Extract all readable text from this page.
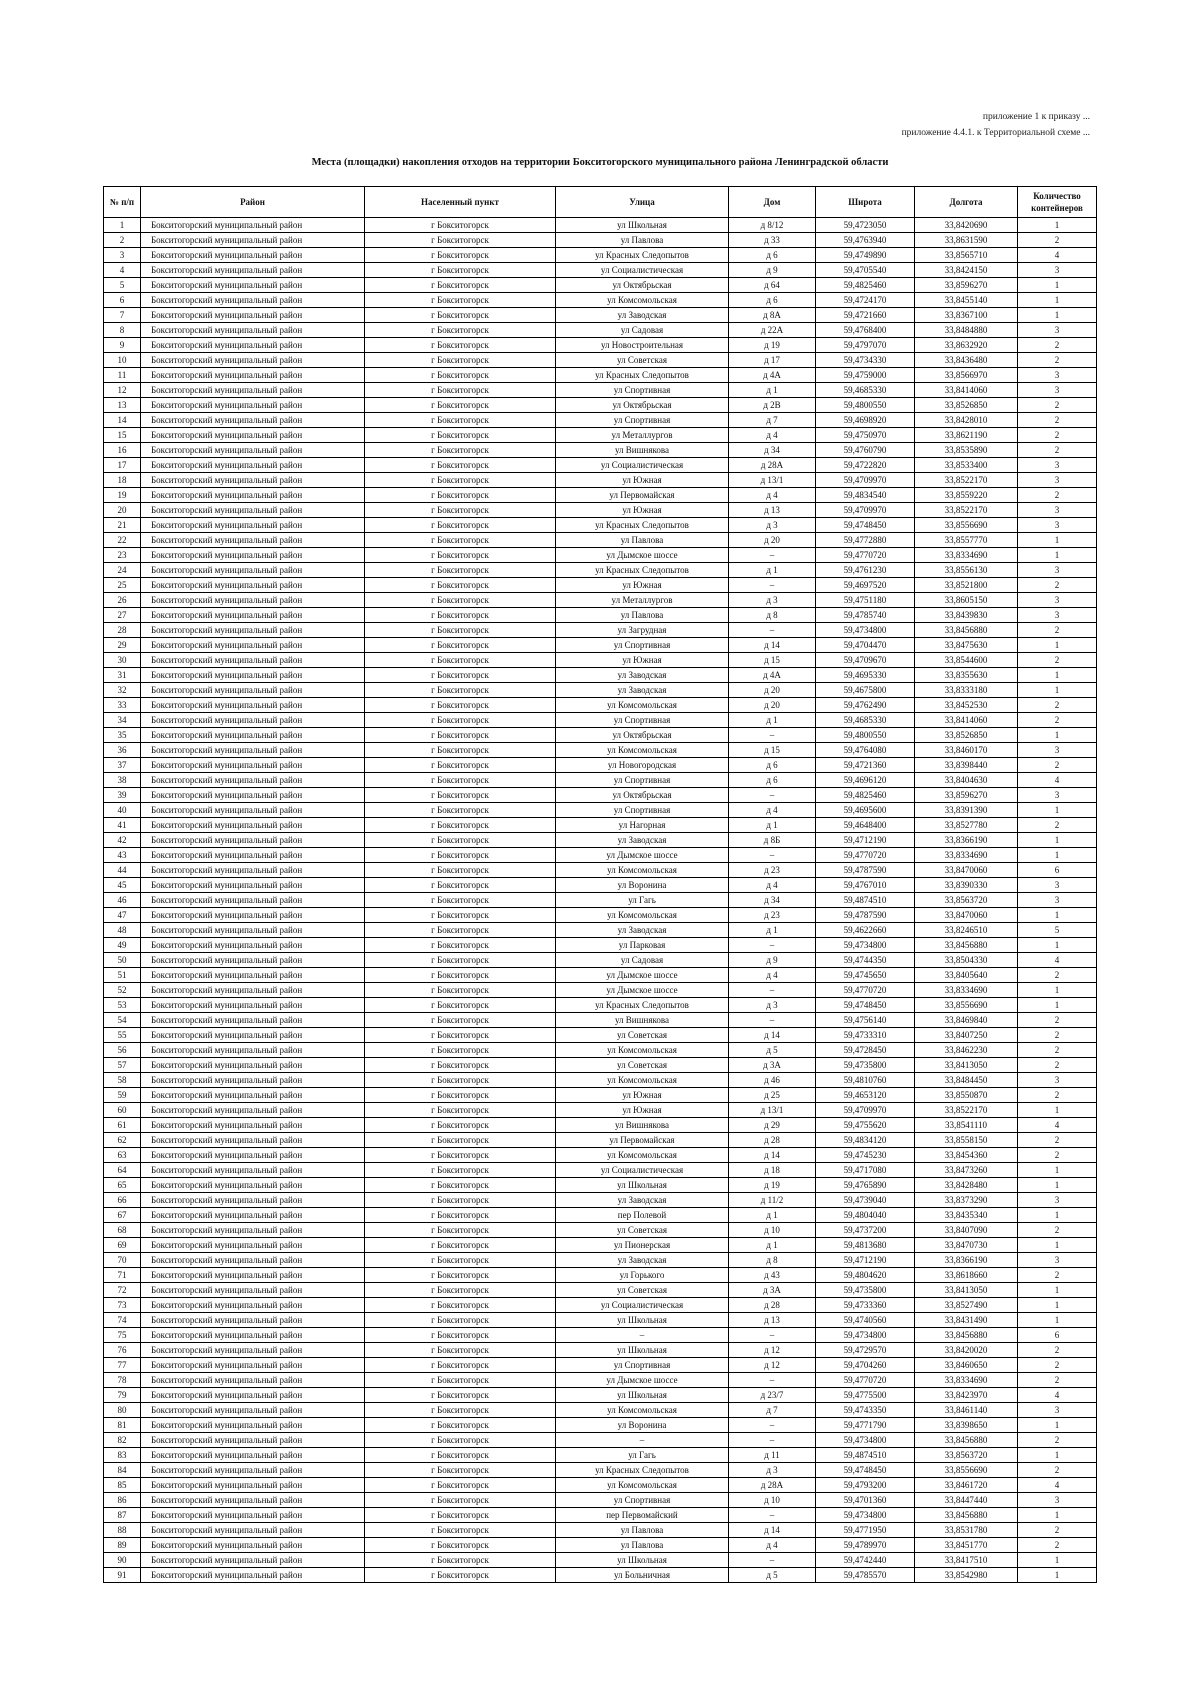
приложение 1 к приказу ...
приложение 4.4.1. к Территориальной схеме ...
Места (площадки) накопления отходов на территории Бокситогорского муниципального района Ленинградской области
№ п/п	Район	Населенный пункт	Улица	Дом	Широта	Долгота	Количество контейнеров
1	Бокситогорский муниципальный район	г Бокситогорск	ул Школьная	д 8/12	59,4723050	33,8420690	1
2	Бокситогорский муниципальный район	г Бокситогорск	ул Павлова	д 33	59,4763940	33,8631590	2
3	Бокситогорский муниципальный район	г Бокситогорск	ул Красных Следопытов	д 6	59,4749890	33,8565710	4
4	Бокситогорский муниципальный район	г Бокситогорск	ул Социалистическая	д 9	59,4705540	33,8424150	3
5	Бокситогорский муниципальный район	г Бокситогорск	ул Октябрьская	д 64	59,4825460	33,8596270	1
6	Бокситогорский муниципальный район	г Бокситогорск	ул Комсомольская	д 6	59,4724170	33,8455140	1
7	Бокситогорский муниципальный район	г Бокситогорск	ул Заводская	д 8А	59,4721660	33,8367100	1
8	Бокситогорский муниципальный район	г Бокситогорск	ул Садовая	д 22А	59,4768400	33,8484880	3
9	Бокситогорский муниципальный район	г Бокситогорск	ул Новостроительная	д 19	59,4797070	33,8632920	2
10	Бокситогорский муниципальный район	г Бокситогорск	ул Советская	д 17	59,4734330	33,8436480	2
11	Бокситогорский муниципальный район	г Бокситогорск	ул Красных Следопытов	д 4А	59,4759000	33,8566970	3
12	Бокситогорский муниципальный район	г Бокситогорск	ул Спортивная	д 1	59,4685330	33,8414060	3
13	Бокситогорский муниципальный район	г Бокситогорск	ул Октябрьская	д 2В	59,4800550	33,8526850	2
14	Бокситогорский муниципальный район	г Бокситогорск	ул Спортивная	д 7	59,4698920	33,8428010	2
15	Бокситогорский муниципальный район	г Бокситогорск	ул Металлургов	д 4	59,4750970	33,8621190	2
16	Бокситогорский муниципальный район	г Бокситогорск	ул Вишнякова	д 34	59,4760790	33,8535890	2
17	Бокситогорский муниципальный район	г Бокситогорск	ул Социалистическая	д 28А	59,4722820	33,8533400	3
18	Бокситогорский муниципальный район	г Бокситогорск	ул Южная	д 13/1	59,4709970	33,8522170	3
19	Бокситогорский муниципальный район	г Бокситогорск	ул Первомайская	д 4	59,4834540	33,8559220	2
20	Бокситогорский муниципальный район	г Бокситогорск	ул Южная	д 13	59,4709970	33,8522170	3
21	Бокситогорский муниципальный район	г Бокситогорск	ул Красных Следопытов	д 3	59,4748450	33,8556690	3
22	Бокситогорский муниципальный район	г Бокситогорск	ул Павлова	д 20	59,4772880	33,8557770	1
23	Бокситогорский муниципальный район	г Бокситогорск	ул Дымское шоссе	–	59,4770720	33,8334690	1
24	Бокситогорский муниципальный район	г Бокситогорск	ул Красных Следопытов	д 1	59,4761230	33,8556130	3
25	Бокситогорский муниципальный район	г Бокситогорск	ул Южная	–	59,4697520	33,8521800	2
26	Бокситогорский муниципальный район	г Бокситогорск	ул Металлургов	д 3	59,4751180	33,8605150	3
27	Бокситогорский муниципальный район	г Бокситогорск	ул Павлова	д 8	59,4785740	33,8439830	3
28	Бокситогорский муниципальный район	г Бокситогорск	ул Загрудная	–	59,4734800	33,8456880	2
29	Бокситогорский муниципальный район	г Бокситогорск	ул Спортивная	д 14	59,4704470	33,8475630	1
30	Бокситогорский муниципальный район	г Бокситогорск	ул Южная	д 15	59,4709670	33,8544600	2
31	Бокситогорский муниципальный район	г Бокситогорск	ул Заводская	д 4А	59,4695330	33,8355630	1
32	Бокситогорский муниципальный район	г Бокситогорск	ул Заводская	д 20	59,4675800	33,8333180	1
33	Бокситогорский муниципальный район	г Бокситогорск	ул Комсомольская	д 20	59,4762490	33,8452530	2
34	Бокситогорский муниципальный район	г Бокситогорск	ул Спортивная	д 1	59,4685330	33,8414060	2
35	Бокситогорский муниципальный район	г Бокситогорск	ул Октябрьская	–	59,4800550	33,8526850	1
36	Бокситогорский муниципальный район	г Бокситогорск	ул Комсомольская	д 15	59,4764080	33,8460170	3
37	Бокситогорский муниципальный район	г Бокситогорск	ул Новогородская	д 6	59,4721360	33,8398440	2
38	Бокситогорский муниципальный район	г Бокситогорск	ул Спортивная	д 6	59,4696120	33,8404630	4
39	Бокситогорский муниципальный район	г Бокситогорск	ул Октябрьская	–	59,4825460	33,8596270	3
40	Бокситогорский муниципальный район	г Бокситогорск	ул Спортивная	д 4	59,4695600	33,8391390	1
41	Бокситогорский муниципальный район	г Бокситогорск	ул Нагорная	д 1	59,4648400	33,8527780	2
42	Бокситогорский муниципальный район	г Бокситогорск	ул Заводская	д 8Б	59,4712190	33,8366190	1
43	Бокситогорский муниципальный район	г Бокситогорск	ул Дымское шоссе	–	59,4770720	33,8334690	1
44	Бокситогорский муниципальный район	г Бокситогорск	ул Комсомольская	д 23	59,4787590	33,8470060	6
45	Бокситогорский муниципальный район	г Бокситогорск	ул Воронина	д 4	59,4767010	33,8390330	3
46	Бокситогорский муниципальный район	г Бокситогорск	ул Гагь	д 34	59,4874510	33,8563720	3
47	Бокситогорский муниципальный район	г Бокситогорск	ул Комсомольская	д 23	59,4787590	33,8470060	1
48	Бокситогорский муниципальный район	г Бокситогорск	ул Заводская	д 1	59,4622660	33,8246510	5
49	Бокситогорский муниципальный район	г Бокситогорск	ул Парковая	–	59,4734800	33,8456880	1
50	Бокситогорский муниципальный район	г Бокситогорск	ул Садовая	д 9	59,4744350	33,8504330	4
51	Бокситогорский муниципальный район	г Бокситогорск	ул Дымское шоссе	д 4	59,4745650	33,8405640	2
52	Бокситогорский муниципальный район	г Бокситогорск	ул Дымское шоссе	–	59,4770720	33,8334690	1
53	Бокситогорский муниципальный район	г Бокситогорск	ул Красных Следопытов	д 3	59,4748450	33,8556690	1
54	Бокситогорский муниципальный район	г Бокситогорск	ул Вишнякова	–	59,4756140	33,8469840	2
55	Бокситогорский муниципальный район	г Бокситогорск	ул Советская	д 14	59,4733310	33,8407250	2
56	Бокситогорский муниципальный район	г Бокситогорск	ул Комсомольская	д 5	59,4728450	33,8462230	2
57	Бокситогорский муниципальный район	г Бокситогорск	ул Советская	д 3А	59,4735800	33,8413050	2
58	Бокситогорский муниципальный район	г Бокситогорск	ул Комсомольская	д 46	59,4810760	33,8484450	3
59	Бокситогорский муниципальный район	г Бокситогорск	ул Южная	д 25	59,4653120	33,8550870	2
60	Бокситогорский муниципальный район	г Бокситогорск	ул Южная	д 13/1	59,4709970	33,8522170	1
61	Бокситогорский муниципальный район	г Бокситогорск	ул Вишнякова	д 29	59,4755620	33,8541110	4
62	Бокситогорский муниципальный район	г Бокситогорск	ул Первомайская	д 28	59,4834120	33,8558150	2
63	Бокситогорский муниципальный район	г Бокситогорск	ул Комсомольская	д 14	59,4745230	33,8454360	2
64	Бокситогорский муниципальный район	г Бокситогорск	ул Социалистическая	д 18	59,4717080	33,8473260	1
65	Бокситогорский муниципальный район	г Бокситогорск	ул Школьная	д 19	59,4765890	33,8428480	1
66	Бокситогорский муниципальный район	г Бокситогорск	ул Заводская	д 11/2	59,4739040	33,8373290	3
67	Бокситогорский муниципальный район	г Бокситогорск	пер Полевой	д 1	59,4804040	33,8435340	1
68	Бокситогорский муниципальный район	г Бокситогорск	ул Советская	д 10	59,4737200	33,8407090	2
69	Бокситогорский муниципальный район	г Бокситогорск	ул Пионерская	д 1	59,4813680	33,8470730	1
70	Бокситогорский муниципальный район	г Бокситогорск	ул Заводская	д 8	59,4712190	33,8366190	3
71	Бокситогорский муниципальный район	г Бокситогорск	ул Горького	д 43	59,4804620	33,8618660	2
72	Бокситогорский муниципальный район	г Бокситогорск	ул Советская	д 3А	59,4735800	33,8413050	1
73	Бокситогорский муниципальный район	г Бокситогорск	ул Социалистическая	д 28	59,4733360	33,8527490	1
74	Бокситогорский муниципальный район	г Бокситогорск	ул Школьная	д 13	59,4740560	33,8431490	1
75	Бокситогорский муниципальный район	г Бокситогорск	–	–	59,4734800	33,8456880	6
76	Бокситогорский муниципальный район	г Бокситогорск	ул Школьная	д 12	59,4729570	33,8420020	2
77	Бокситогорский муниципальный район	г Бокситогорск	ул Спортивная	д 12	59,4704260	33,8460650	2
78	Бокситогорский муниципальный район	г Бокситогорск	ул Дымское шоссе	–	59,4770720	33,8334690	2
79	Бокситогорский муниципальный район	г Бокситогорск	ул Школьная	д 23/7	59,4775500	33,8423970	4
80	Бокситогорский муниципальный район	г Бокситогорск	ул Комсомольская	д 7	59,4743350	33,8461140	3
81	Бокситогорский муниципальный район	г Бокситогорск	ул Воронина	–	59,4771790	33,8398650	1
82	Бокситогорский муниципальный район	г Бокситогорск	–	–	59,4734800	33,8456880	2
83	Бокситогорский муниципальный район	г Бокситогорск	ул Гагь	д 11	59,4874510	33,8563720	1
84	Бокситогорский муниципальный район	г Бокситогорск	ул Красных Следопытов	д 3	59,4748450	33,8556690	2
85	Бокситогорский муниципальный район	г Бокситогорск	ул Комсомольская	д 28А	59,4793200	33,8461720	4
86	Бокситогорский муниципальный район	г Бокситогорск	ул Спортивная	д 10	59,4701360	33,8447440	3
87	Бокситогорский муниципальный район	г Бокситогорск	пер Первомайский	–	59,4734800	33,8456880	1
88	Бокситогорский муниципальный район	г Бокситогорск	ул Павлова	д 14	59,4771950	33,8531780	2
89	Бокситогорский муниципальный район	г Бокситогорск	ул Павлова	д 4	59,4789970	33,8451770	2
90	Бокситогорский муниципальный район	г Бокситогорск	ул Школьная	–	59,4742440	33,8417510	1
91	Бокситогорский муниципальный район	г Бокситогорск	ул Больничная	д 5	59,4785570	33,8542980	1
